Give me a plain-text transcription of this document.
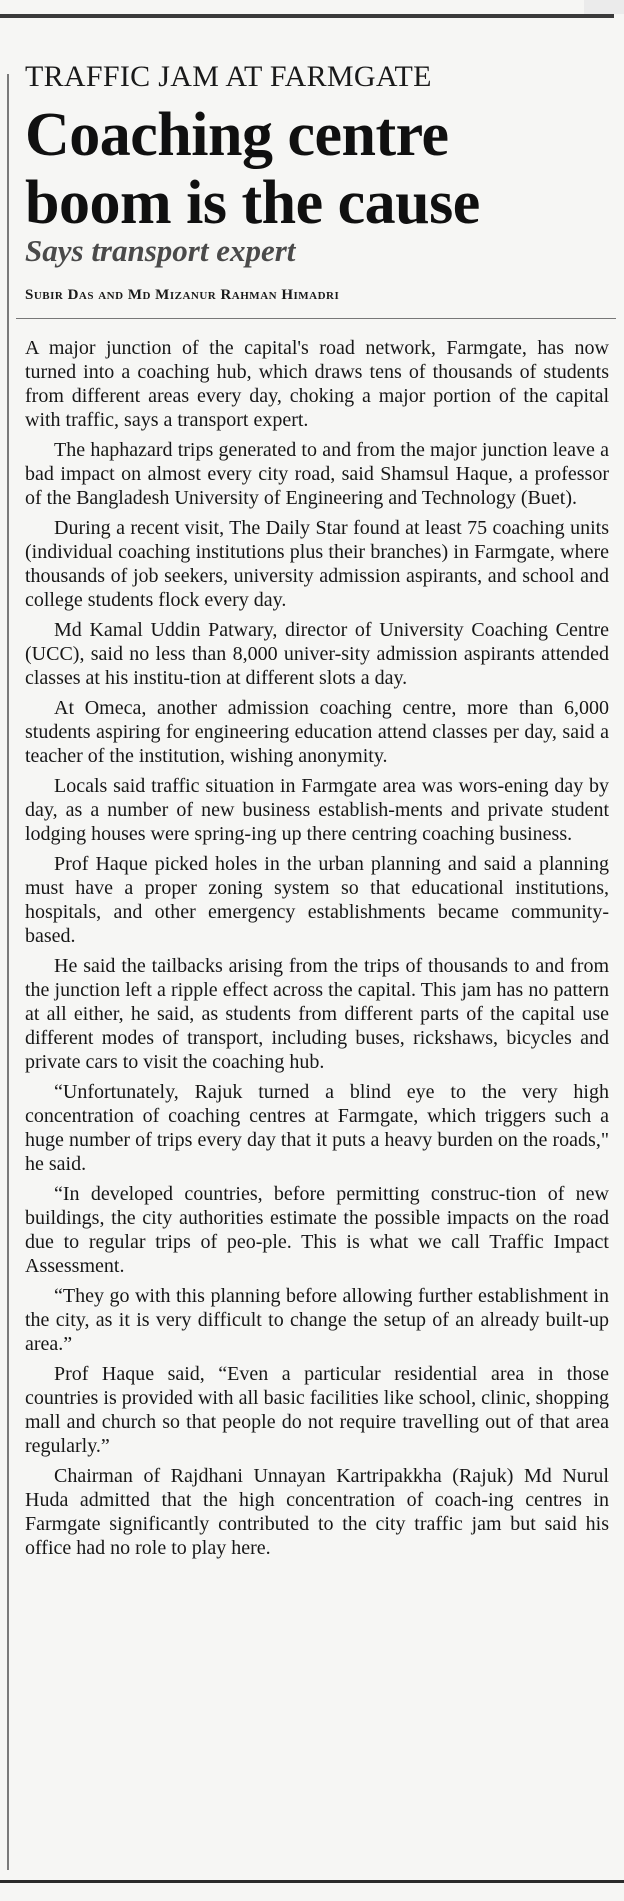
TRAFFIC JAM AT FARMGATE
Coaching centre
boom is the cause
Says transport expert
Subir Das and Md Mizanur Rahman Himadri

A major junction of the capital's road network, Farmgate, has now turned into a coaching hub, which draws tens of thousands of students from different areas every day, choking a major portion of the capital with traffic, says a transport expert.

The haphazard trips generated to and from the major junction leave a bad impact on almost every city road, said Shamsul Haque, a professor of the Bangladesh University of Engineering and Technology (Buet).

During a recent visit, The Daily Star found at least 75 coaching units (individual coaching institutions plus their branches) in Farmgate, where thousands of job seekers, university admission aspirants, and school and college students flock every day.

Md Kamal Uddin Patwary, director of University Coaching Centre (UCC), said no less than 8,000 univer-sity admission aspirants attended classes at his institu-tion at different slots a day.

At Omeca, another admission coaching centre, more than 6,000 students aspiring for engineering education attend classes per day, said a teacher of the institution, wishing anonymity.

Locals said traffic situation in Farmgate area was wors-ening day by day, as a number of new business establish-ments and private student lodging houses were spring-ing up there centring coaching business.

Prof Haque picked holes in the urban planning and said a planning must have a proper zoning system so that educational institutions, hospitals, and other emergency establishments became community-based.

He said the tailbacks arising from the trips of thousands to and from the junction left a ripple effect across the capital. This jam has no pattern at all either, he said, as students from different parts of the capital use different modes of transport, including buses, rickshaws, bicycles and private cars to visit the coaching hub.

“Unfortunately, Rajuk turned a blind eye to the very high concentration of coaching centres at Farmgate, which triggers such a huge number of trips every day that it puts a heavy burden on the roads," he said.

“In developed countries, before permitting construc-tion of new buildings, the city authorities estimate the possible impacts on the road due to regular trips of peo-ple. This is what we call Traffic Impact Assessment.

“They go with this planning before allowing further establishment in the city, as it is very difficult to change the setup of an already built-up area.”

Prof Haque said, “Even a particular residential area in those countries is provided with all basic facilities like school, clinic, shopping mall and church so that people do not require travelling out of that area regularly.”

Chairman of Rajdhani Unnayan Kartripakkha (Rajuk) Md Nurul Huda admitted that the high concentration of coach-ing centres in Farmgate significantly contributed to the city traffic jam but said his office had no role to play here.
